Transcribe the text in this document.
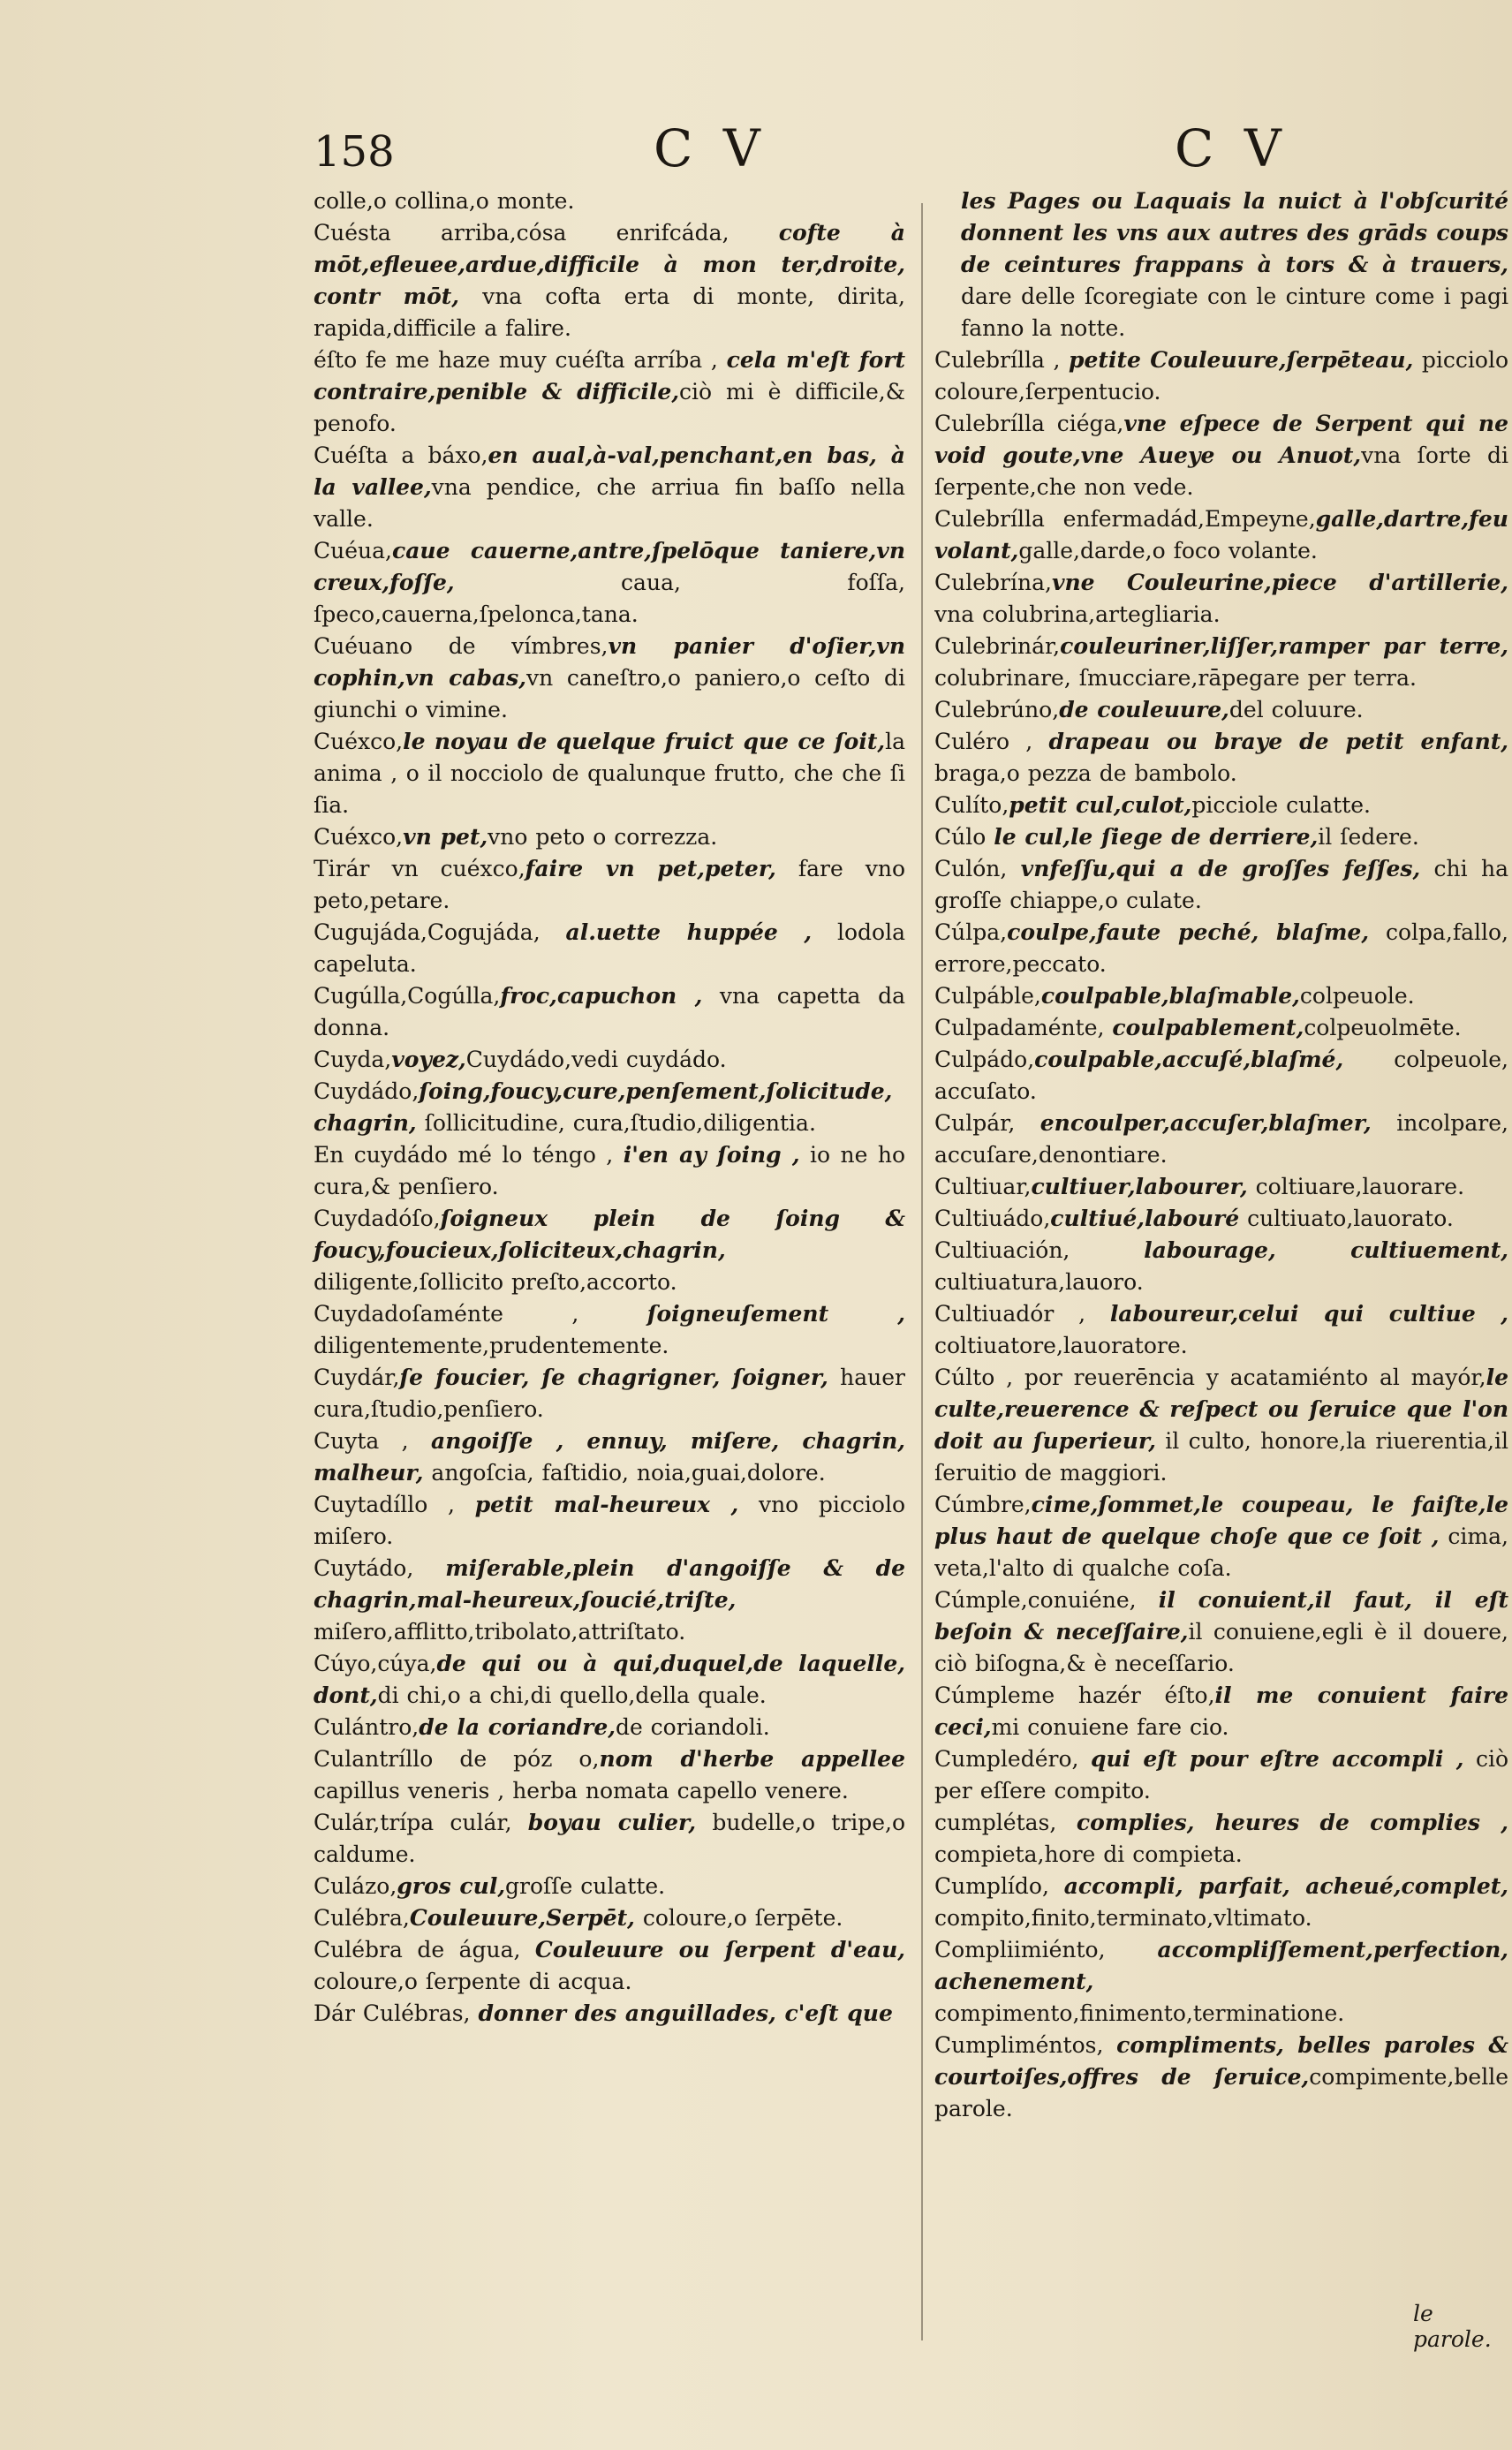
158	C V	C V

colle,o collina,o monte.

Cuésta arriba,cósa enrifcáda, cofte à mōt,efleuee,ardue,difficile à mon ter,droite, contr mōt, vna cofta erta di monte, dirita, rapida,difficile a falire.

éſto fe me haze muy cuéſta arríba , cela m'eſt fort contraire,penible & difficile,ciò mi è difficile,& penofo.

Cuéſta a báxo,en aual,à-val,penchant,en bas, à la vallee,vna pendice, che arriua fin baſſo nella valle.

Cuéua,caue cauerne,antre,ſpelōque taniere,vn creux,foſſe, caua, foſſa, ſpeco,cauerna,ſpelonca,tana.

Cuéuano de vímbres,vn panier d'oſier,vn cophin,vn cabas,vn caneſtro,o paniero,o ceſto di giunchi o vimine.

Cuéxco,le noyau de quelque fruict que ce ſoit,la anima , o il nocciolo de qualunque frutto, che che ſi ſia.

Cuéxco,vn pet,vno peto o correzza.

Tirár vn cuéxco,faire vn pet,peter, fare vno peto,petare.

Cugujáda,Cogujáda, al.uette huppée , lodola capeluta.

Cugúlla,Cogúlla,froc,capuchon , vna capetta da donna.

Cuyda,voyez,Cuydádo,vedi cuydádo.

Cuydádo,ſoing,foucy,cure,penſement,ſolicitude, chagrin, ſollicitudine, cura,ſtudio,diligentia.

En cuydádo mé lo téngo , i'en ay ſoing , io ne ho cura,& penſiero.

Cuydadóſo,ſoigneux plein de ſoing & foucy,foucieux,ſoliciteux,chagrin, diligente,ſollicito preſto,accorto.

Cuydadoſaménte , ſoigneuſement , diligentemente,prudentemente.

Cuydár,ſe foucier, ſe chagrigner, ſoigner, hauer cura,ſtudio,penſiero.

Cuyta , angoiſſe , ennuy, miſere, chagrin, malheur, angoſcia, faſtidio, noia,guai,dolore.

Cuytadíllo , petit mal-heureux , vno picciolo miſero.

Cuytádo, miſerable,plein d'angoiſſe & de chagrin,mal-heureux,ſoucié,triſte, miſero,afflitto,tribolato,attriſtato.

Cúyo,cúya,de qui ou à qui,duquel,de laquelle, dont,di chi,o a chi,di quello,della quale.

Culántro,de la coriandre,de coriandoli.

Culantríllo de póz o,nom d'herbe appellee capillus veneris , herba nomata capello venere.

Culár,trípa culár, boyau culier, budelle,o tripe,o caldume.

Culázo,gros cul,groſſe culatte.

Culébra,Couleuure,Serpēt, coloure,o ſerpēte.

Culébra de água, Couleuure ou ſerpent d'eau, coloure,o ſerpente di acqua.

Dár Culébras, donner des anguillades, c'eſt que

les Pages ou Laquais la nuict à l'obſcurité donnent les vns aux autres des grāds coups de ceintures frappans à tors & à trauers, dare delle ſcoregiate con le cinture come i pagi fanno la notte.

Culebrílla , petite Couleuure,ſerpēteau, picciolo coloure,ſerpentucio.

Culebrílla ciéga,vne eſpece de Serpent qui ne void goute,vne Aueye ou Anuot,vna ſorte di ſerpente,che non vede.

Culebrílla enfermadád,Empeyne,galle,dartre,feu volant,galle,darde,o foco volante.

Culebrína,vne Couleurine,piece d'artillerie, vna colubrina,artegliaria.

Culebrinár,couleuriner,liſſer,ramper par terre, colubrinare, ſmucciare,rāpegare per terra.

Culebrúno,de couleuure,del coluure.

Culéro , drapeau ou braye de petit enfant, braga,o pezza de bambolo.

Culíto,petit cul,culot,picciole culatte.

Cúlo le cul,le ſiege de derriere,il ſedere.

Culón, vnfeſſu,qui a de groſſes feſſes, chi ha groſſe chiappe,o culate.

Cúlpa,coulpe,faute peché, blaſme, colpa,fallo, errore,peccato.

Culpáble,coulpable,blaſmable,colpeuole.

Culpadaménte, coulpablement,colpeuolmēte.

Culpádo,coulpable,accuſé,blaſmé, colpeuole, accuſato.

Culpár, encoulper,accuſer,blaſmer, incolpare, accuſare,denontiare.

Cultiuar,cultiuer,labourer, coltiuare,lauorare.

Cultiuádo,cultiué,labouré cultiuato,lauorato.

Cultiuación, labourage, cultiuement, cultiuatura,lauoro.

Cultiuadór , laboureur,celui qui cultiue , coltiuatore,lauoratore.

Cúlto , por reuerēncia y acatamiénto al mayór,le culte,reuerence & reſpect ou ſeruice que l'on doit au ſuperieur, il culto, honore,la riuerentia,il ſeruitio de maggiori.

Cúmbre,cime,ſommet,le coupeau, le faiſte,le plus haut de quelque choſe que ce ſoit , cima, veta,l'alto di qualche coſa.

Cúmple,conuiéne, il conuient,il faut, il eſt beſoin & neceſſaire,il conuiene,egli è il douere, ciò biſogna,& è neceſſario.

Cúmpleme hazér éſto,il me conuient faire ceci,mi conuiene fare cio.

Cumpledéro, qui eſt pour eſtre accompli , ciò per eſſere compito.

cumplétas, complies, heures de complies , compieta,hore di compieta.

Cumplído, accompli, parfait, acheué,complet, compito,finito,terminato,vltimato.

Compliimiénto, accompliſſement,perfection, achenement, compimento,finimento,terminatione.

Cumpliméntos, compliments, belles paroles & courtoiſes,offres de ſeruice,compimente,belle parole.

le parole.
